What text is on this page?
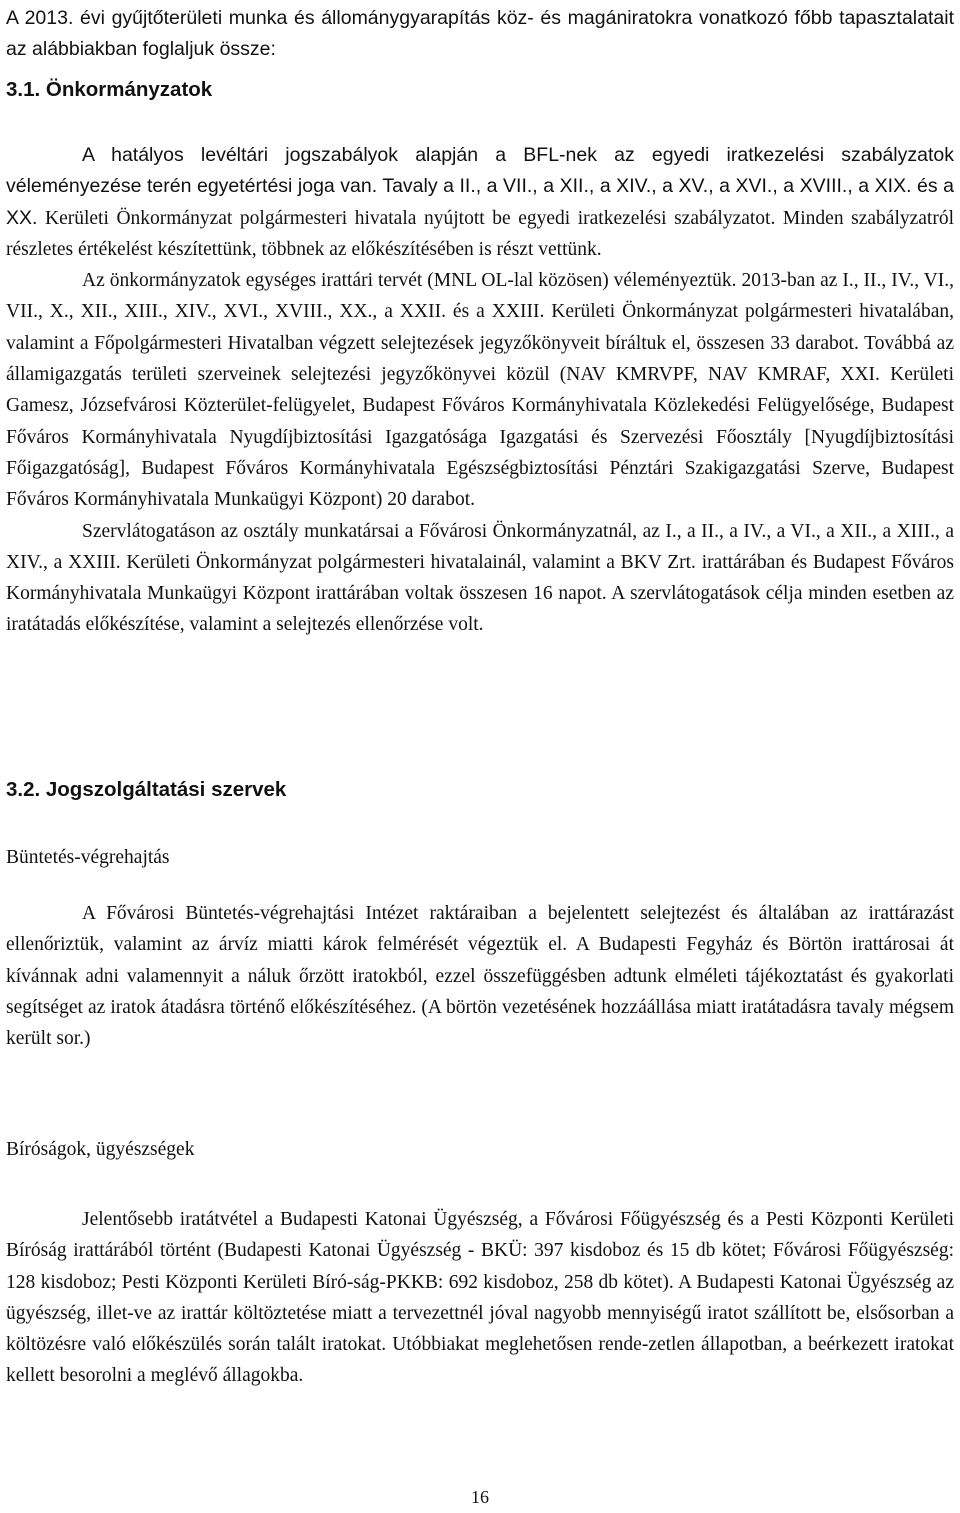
A 2013. évi gyűjtőterületi munka és állománygyarapítás köz- és magániratokra vonatkozó főbb tapasztalatait az alábbiakban foglaljuk össze:
3.1. Önkormányzatok

A hatályos levéltári jogszabályok alapján a BFL-nek az egyedi iratkezelési szabályzatok véleményezése terén egyetértési joga van. Tavaly a II., a VII., a XII., a XIV., a XV., a XVI., a XVIII., a XIX. és a XX. Kerületi Önkormányzat polgármesteri hivatala nyújtott be egyedi iratkezelési szabályzatot. Minden szabályzatról részletes értékelést készítettünk, többnek az előkészítésében is részt vettünk.

Az önkormányzatok egységes irattári tervét (MNL OL-lal közösen) véleményeztük. 2013-ban az I., II., IV., VI., VII., X., XII., XIII., XIV., XVI., XVIII., XX., a XXII. és a XXIII. Kerületi Önkormányzat polgármesteri hivatalában, valamint a Főpolgármesteri Hivatalban végzett selejtezések jegyzőkönyveit bíráltuk el, összesen 33 darabot. Továbbá az államigazgatás területi szerveinek selejtezési jegyzőkönyvei közül (NAV KMRVPF, NAV KMRAF, XXI. Kerületi Gamesz, Józsefvárosi Közterület-felügyelet, Budapest Főváros Kormányhivatala Közlekedési Felügyelősége, Budapest Főváros Kormányhivatala Nyugdíjbiztosítási Igazgatósága Igazgatási és Szervezési Főosztály [Nyugdíjbiztosítási Főigazgatóság], Budapest Főváros Kormányhivatala Egészségbiztosítási Pénztári Szakigazgatási Szerve, Budapest Főváros Kormányhivatala Munkaügyi Központ) 20 darabot.

Szervlátogatáson az osztály munkatársai a Fővárosi Önkormányzatnál, az I., a II., a IV., a VI., a XII., a XIII., a XIV., a XXIII. Kerületi Önkormányzat polgármesteri hivatalainál, valamint a BKV Zrt. irattárában és Budapest Főváros Kormányhivatala Munkaügyi Központ irattárában voltak összesen 16 napot. A szervlátogatások célja minden esetben az iratátadás előkészítése, valamint a selejtezés ellenőrzése volt.

3.2. Jogszolgáltatási szervek
Büntetés-végrehajtás

A Fővárosi Büntetés-végrehajtási Intézet raktáraiban a bejelentett selejtezést és általában az irattárazást ellenőriztük, valamint az árvíz miatti károk felmérését végeztük el. A Budapesti Fegyház és Börtön irattárosai át kívánnak adni valamennyit a náluk őrzött iratokból, ezzel összefüggésben adtunk elméleti tájékoztatást és gyakorlati segítséget az iratok átadásra történő előkészítéséhez. (A börtön vezetésének hozzáállása miatt iratátadásra tavaly mégsem került sor.)

Bíróságok, ügyészségek

Jelentősebb iratátvétel a Budapesti Katonai Ügyészség, a Fővárosi Főügyészség és a Pesti Központi Kerületi Bíróság irattárából történt (Budapesti Katonai Ügyészség - BKÜ: 397 kisdoboz és 15 db kötet; Fővárosi Főügyészség: 128 kisdoboz; Pesti Központi Kerületi Bíró-ság-PKKB: 692 kisdoboz, 258 db kötet). A Budapesti Katonai Ügyészség az ügyészség, illet-ve az irattár költöztetése miatt a tervezettnél jóval nagyobb mennyiségű iratot szállított be, elsősorban a költözésre való előkészülés során talált iratokat. Utóbbiakat meglehetősen rende-zetlen állapotban, a beérkezett iratokat kellett besorolni a meglévő állagokba.

16
